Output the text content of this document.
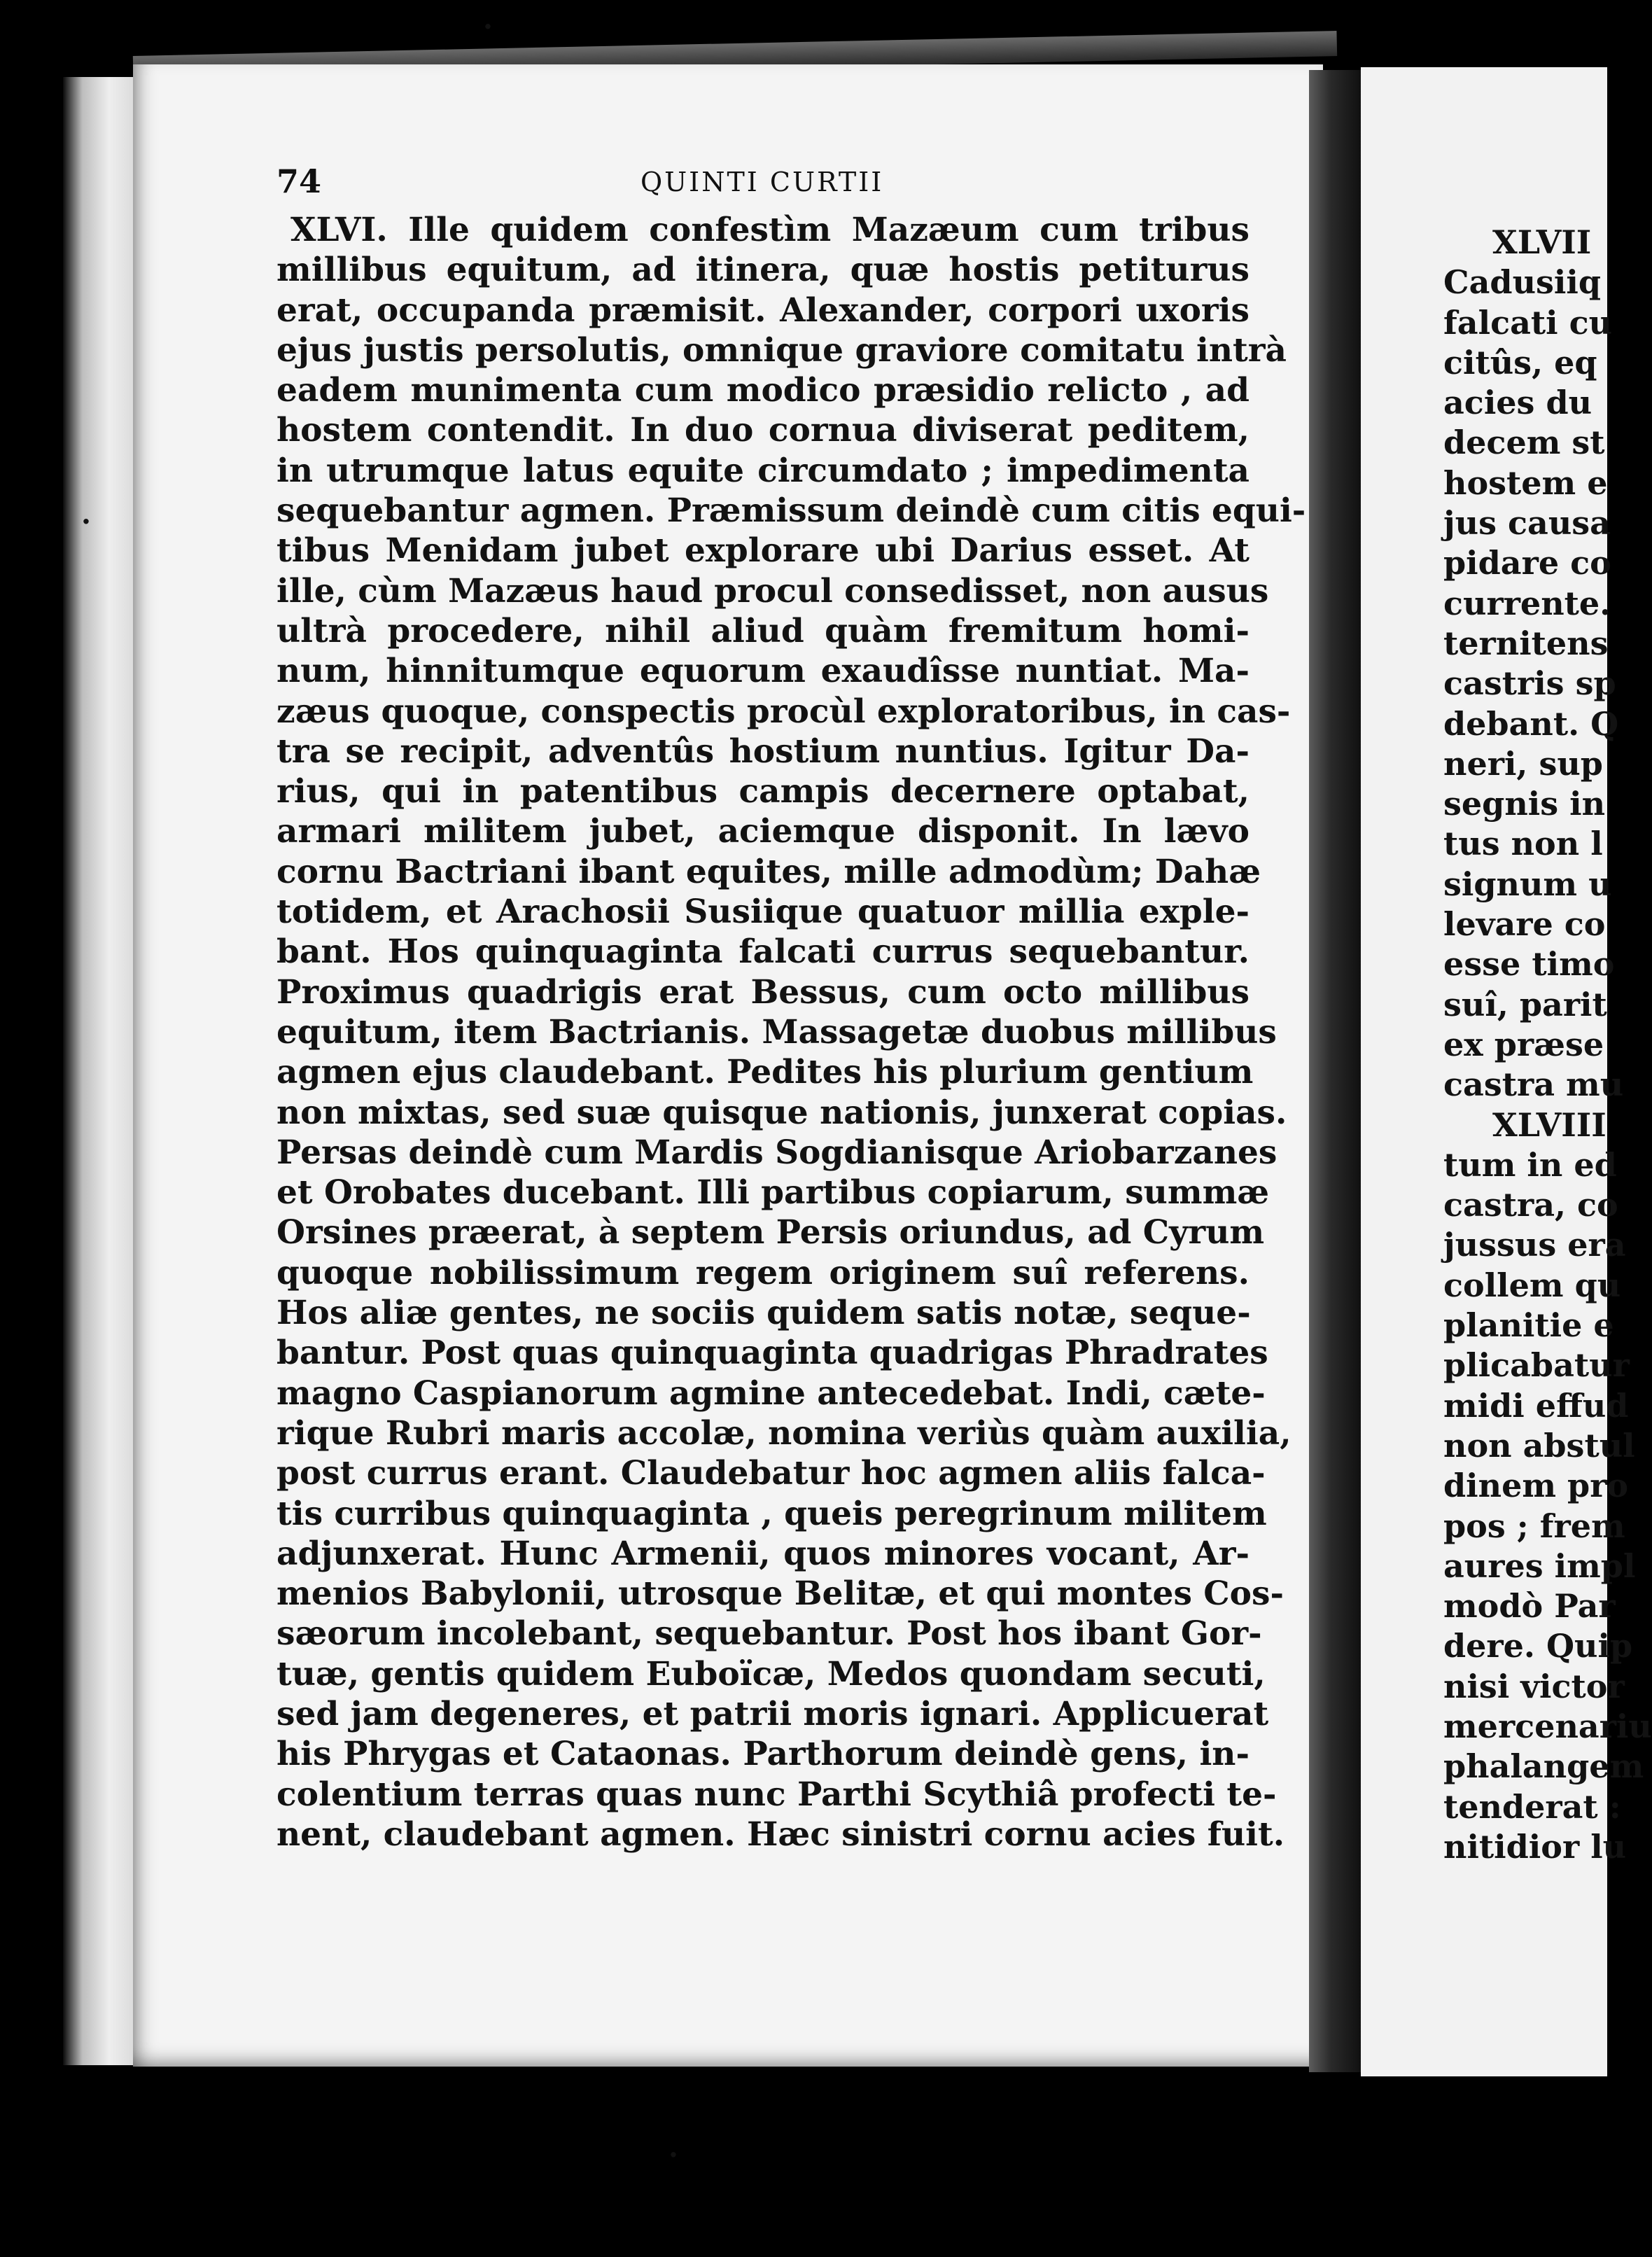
74	QUINTI CURTII
XLVI. Ille quidem confestìm Mazæum cum tribus
millibus equitum, ad itinera, quæ hostis petiturus
erat, occupanda præmisit. Alexander, corpori uxoris
ejus justis persolutis, omnique graviore comitatu intrà
eadem munimenta cum modico præsidio relicto , ad
hostem contendit. In duo cornua diviserat peditem,
in utrumque latus equite circumdato ; impedimenta
sequebantur agmen. Præmissum deindè cum citis equi-
tibus Menidam jubet explorare ubi Darius esset. At
ille, cùm Mazæus haud procul consedisset, non ausus
ultrà procedere, nihil aliud quàm fremitum homi-
num, hinnitumque equorum exaudîsse nuntiat. Ma-
zæus quoque, conspectis procùl exploratoribus, in cas-
tra se recipit, adventûs hostium nuntius. Igitur Da-
rius, qui in patentibus campis decernere optabat,
armari militem jubet, aciemque disponit. In lævo
cornu Bactriani ibant equites, mille admodùm; Dahæ
totidem, et Arachosii Susiique quatuor millia exple-
bant. Hos quinquaginta falcati currus sequebantur.
Proximus quadrigis erat Bessus, cum octo millibus
equitum, item Bactrianis. Massagetæ duobus millibus
agmen ejus claudebant. Pedites his plurium gentium
non mixtas, sed suæ quisque nationis, junxerat copias.
Persas deindè cum Mardis Sogdianisque Ariobarzanes
et Orobates ducebant. Illi partibus copiarum, summæ
Orsines præerat, à septem Persis oriundus, ad Cyrum
quoque nobilissimum regem originem suî referens.
Hos aliæ gentes, ne sociis quidem satis notæ, seque-
bantur. Post quas quinquaginta quadrigas Phradrates
magno Caspianorum agmine antecedebat. Indi, cæte-
rique Rubri maris accolæ, nomina veriùs quàm auxilia,
post currus erant. Claudebatur hoc agmen aliis falca-
tis curribus quinquaginta , queis peregrinum militem
adjunxerat. Hunc Armenii, quos minores vocant, Ar-
menios Babylonii, utrosque Belitæ, et qui montes Cos-
sæorum incolebant, sequebantur. Post hos ibant Gor-
tuæ, gentis quidem Euboïcæ, Medos quondam secuti,
sed jam degeneres, et patrii moris ignari. Applicuerat
his Phrygas et Cataonas. Parthorum deindè gens, in-
colentium terras quas nunc Parthi Scythiâ profecti te-
nent, claudebant agmen. Hæc sinistri cornu acies fuit.
XLVII
Cadusiiq
falcati cu
citûs, eq
acies du
decem st
hostem e
jus causa
pidare co
currente.
ternitens
castris sp
debant. Q
neri, sup
segnis in
tus non l
signum u
levare co
esse timo
suî, parit
ex præse
castra mu
XLVIII
tum in ed
castra, co
jussus era
collem qu
planitie e
plicabatur
midi effud
non abstul
dinem pro
pos ; frem
aures impl
modò Par
dere. Quip
nisi victor
mercenariu
phalangem
tenderat :
nitidior lu
·
·
·
